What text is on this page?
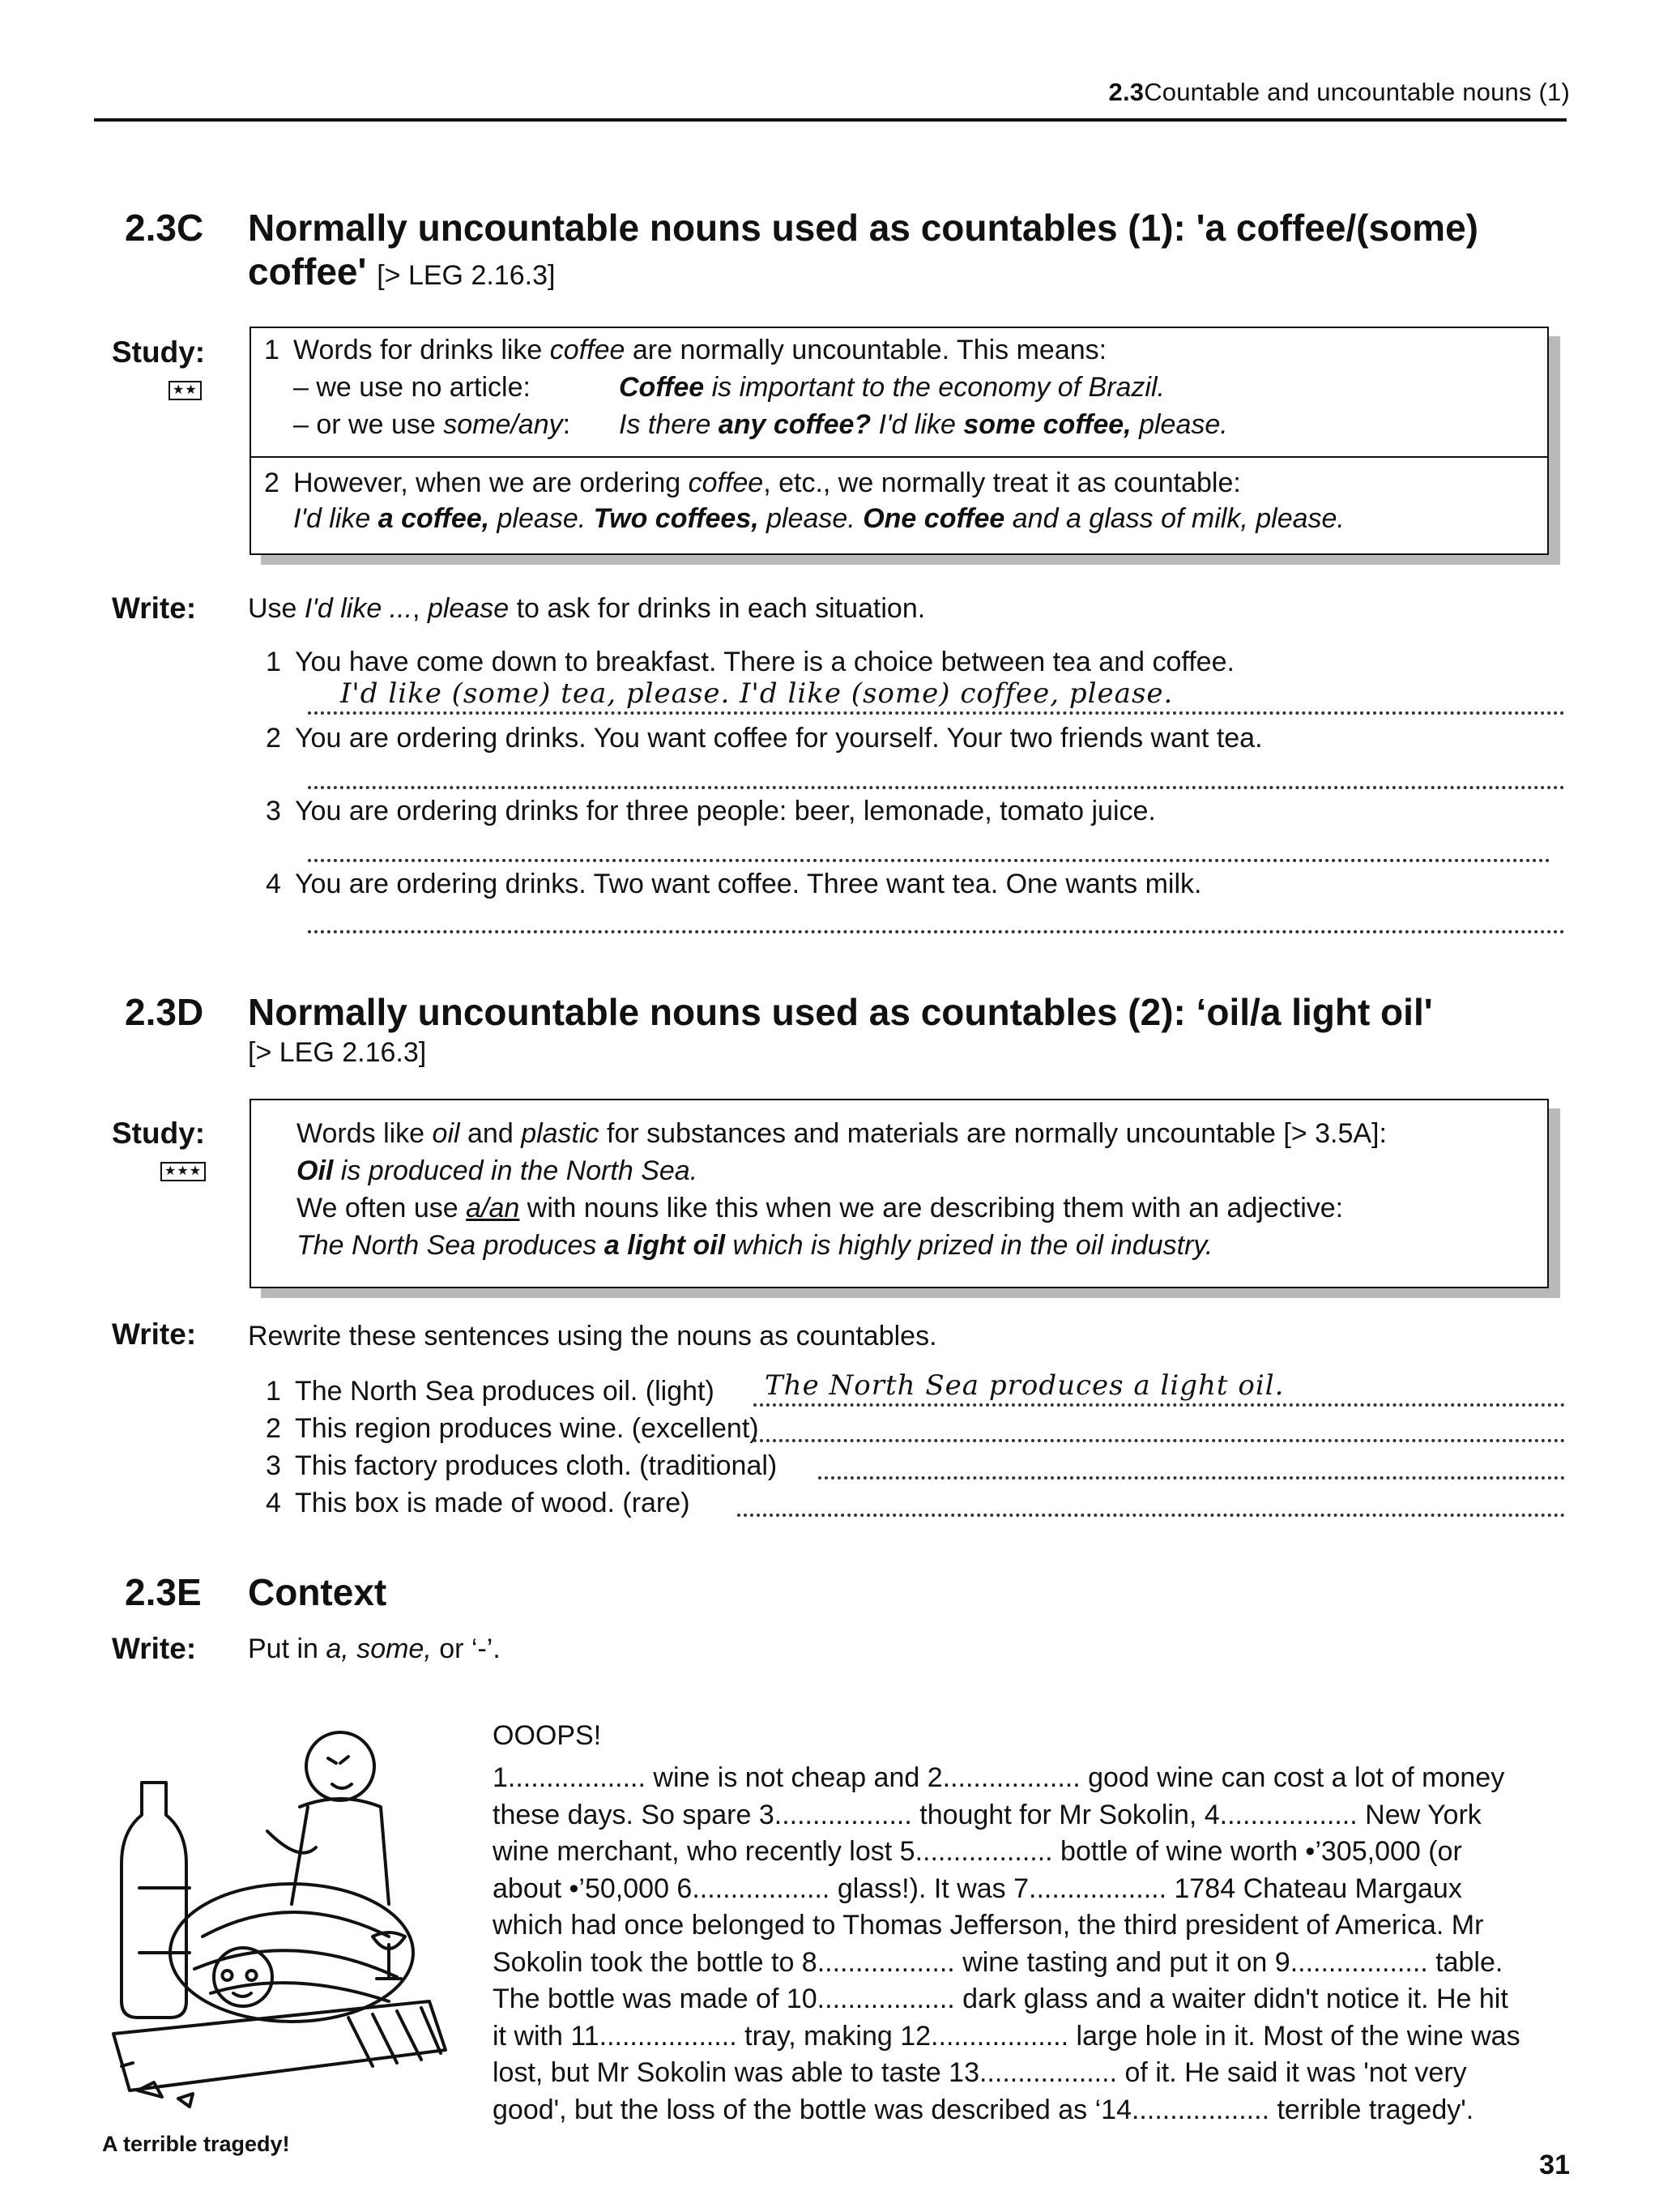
2.3Countable and uncountable nouns (1)
2.3C Normally uncountable nouns used as countables (1): 'a coffee/(some) coffee' [> LEG 2.16.3]
Study:
★★
1 Words for drinks like coffee are normally uncountable. This means:
– we use no article:	Coffee is important to the economy of Brazil.
– or we use some/any: Is there any coffee? I'd like some coffee, please.
2 However, when we are ordering coffee, etc., we normally treat it as countable:
I'd like a coffee, please. Two coffees, please. One coffee and a glass of milk, please.
Write: Use I'd like ..., please to ask for drinks in each situation.
1 You have come down to breakfast. There is a choice between tea and coffee.
I'd like (some) tea, please. I'd like (some) coffee, please.
2 You are ordering drinks. You want coffee for yourself. Your two friends want tea.
3 You are ordering drinks for three people: beer, lemonade, tomato juice.
4 You are ordering drinks. Two want coffee. Three want tea. One wants milk.
2.3D Normally uncountable nouns used as countables (2): ‘oil/a light oil'
[> LEG 2.16.3]
Study:
★★★
Words like oil and plastic for substances and materials are normally uncountable [> 3.5A]:
Oil is produced in the North Sea.
We often use a/an with nouns like this when we are describing them with an adjective:
The North Sea produces a light oil which is highly prized in the oil industry.
Write: Rewrite these sentences using the nouns as countables.
1 The North Sea produces oil. (light) The North Sea produces a light oil.
2 This region produces wine. (excellent)
3 This factory produces cloth. (traditional)
4 This box is made of wood. (rare)
2.3E Context
Write: Put in a, some, or ‘-’.
OOOPS!
1.................. wine is not cheap and 2.................. good wine can cost a lot of money
these days. So spare 3.................. thought for Mr Sokolin, 4.................. New York
wine merchant, who recently lost 5.................. bottle of wine worth •’305,000 (or
about •’50,000 6.................. glass!). It was 7.................. 1784 Chateau Margaux
which had once belonged to Thomas Jefferson, the third president of America. Mr
Sokolin took the bottle to 8.................. wine tasting and put it on 9.................. table.
The bottle was made of 10.................. dark glass and a waiter didn't notice it. He hit
it with 11.................. tray, making 12.................. large hole in it. Most of the wine was
lost, but Mr Sokolin was able to taste 13.................. of it. He said it was 'not very
good', but the loss of the bottle was described as ‘14.................. terrible tragedy'.
A terrible tragedy!
31
